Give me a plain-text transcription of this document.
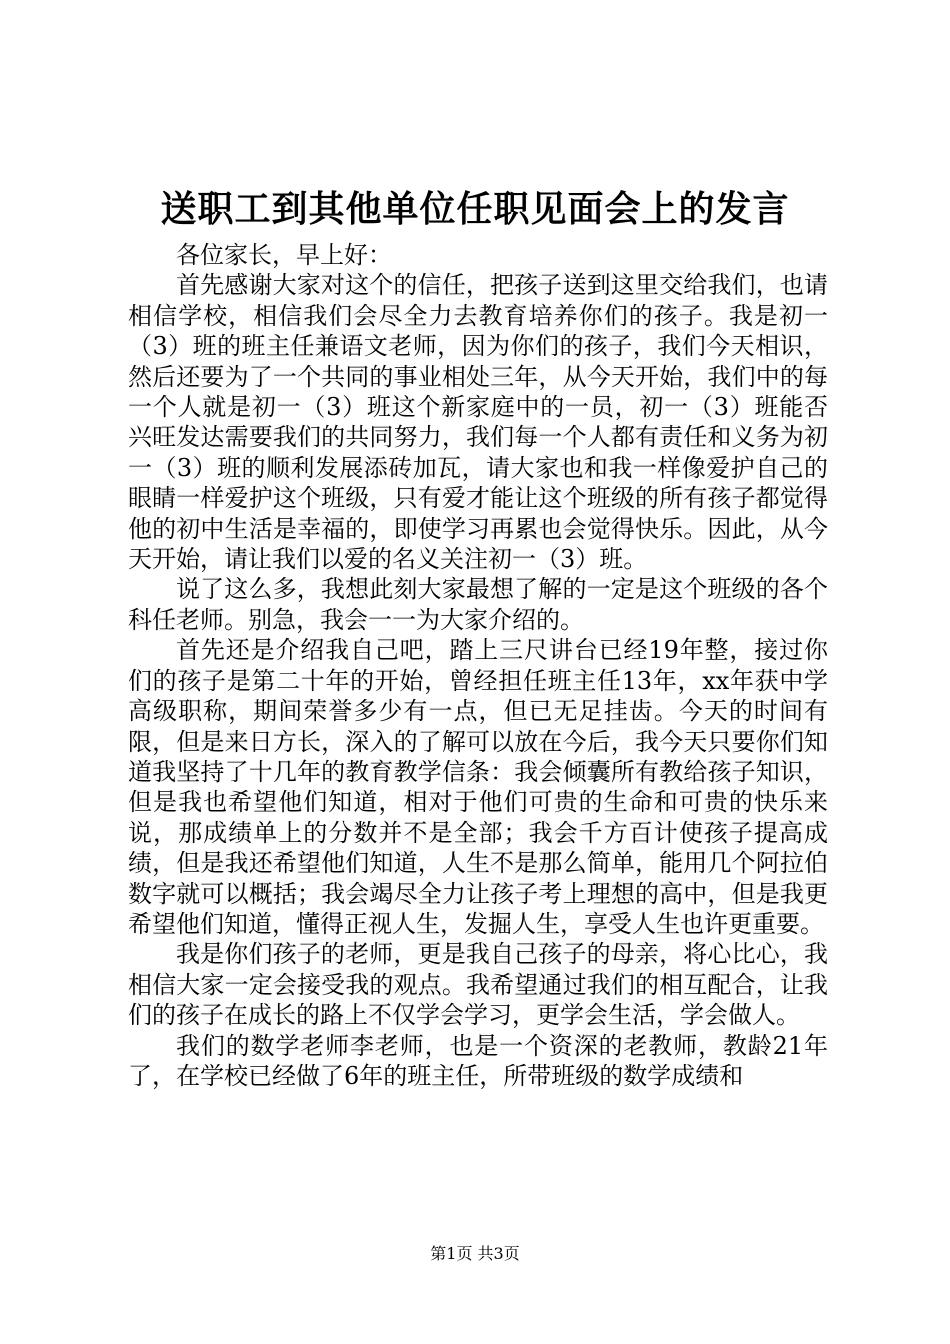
送职工到其他单位任职见面会上的发言

各位家长，早上好：

首先感谢大家对这个的信任，把孩子送到这里交给我们，也请相信学校，相信我们会尽全力去教育培养你们的孩子。我是初一（3）班的班主任兼语文老师，因为你们的孩子，我们今天相识，然后还要为了一个共同的事业相处三年，从今天开始，我们中的每一个人就是初一（3）班这个新家庭中的一员，初一（3）班能否兴旺发达需要我们的共同努力，我们每一个人都有责任和义务为初一（3）班的顺利发展添砖加瓦，请大家也和我一样像爱护自己的眼睛一样爱护这个班级，只有爱才能让这个班级的所有孩子都觉得他的初中生活是幸福的，即使学习再累也会觉得快乐。因此，从今天开始，请让我们以爱的名义关注初一（3）班。

说了这么多，我想此刻大家最想了解的一定是这个班级的各个科任老师。别急，我会一一为大家介绍的。

首先还是介绍我自己吧，踏上三尺讲台已经19年整，接过你们的孩子是第二十年的开始，曾经担任班主任13年，xx年获中学高级职称，期间荣誉多少有一点，但已无足挂齿。今天的时间有限，但是来日方长，深入的了解可以放在今后，我今天只要你们知道我坚持了十几年的教育教学信条：我会倾囊所有教给孩子知识，但是我也希望他们知道，相对于他们可贵的生命和可贵的快乐来说，那成绩单上的分数并不是全部；我会千方百计使孩子提高成绩，但是我还希望他们知道，人生不是那么简单，能用几个阿拉伯数字就可以概括；我会竭尽全力让孩子考上理想的高中，但是我更希望他们知道，懂得正视人生，发掘人生，享受人生也许更重要。

我是你们孩子的老师，更是我自己孩子的母亲，将心比心，我相信大家一定会接受我的观点。我希望通过我们的相互配合，让我们的孩子在成长的路上不仅学会学习，更学会生活，学会做人。

我们的数学老师李老师，也是一个资深的老教师，教龄21年了，在学校已经做了6年的班主任，所带班级的数学成绩和

第1页 共3页
